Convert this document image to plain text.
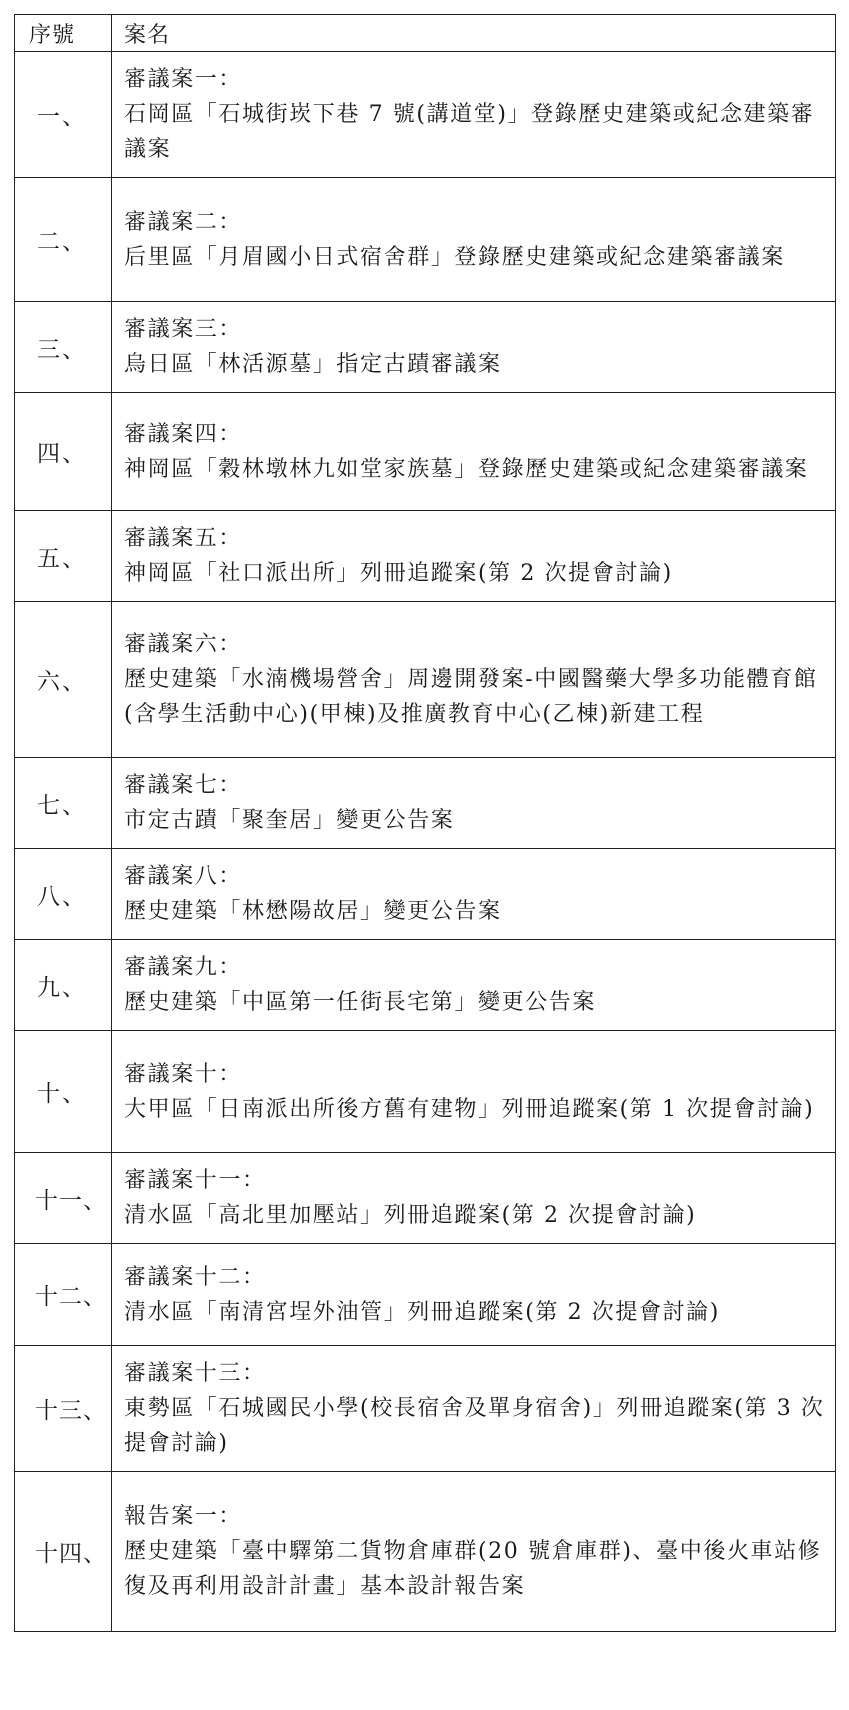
序號	案名
一、	審議案一：
石岡區「石城街崁下巷 7 號(講道堂)」登錄歷史建築或紀念建築審議案

二、	審議案二：
后里區「月眉國小日式宿舍群」登錄歷史建築或紀念建築審議案

三、	審議案三：
烏日區「林活源墓」指定古蹟審議案

四、	審議案四：
神岡區「穀林墩林九如堂家族墓」登錄歷史建築或紀念建築審議案

五、	審議案五：
神岡區「社口派出所」列冊追蹤案(第 2 次提會討論)

六、	審議案六：
歷史建築「水湳機場營舍」周邊開發案-中國醫藥大學多功能體育館(含學生活動中心)(甲棟)及推廣教育中心(乙棟)新建工程

七、	審議案七：
市定古蹟「聚奎居」變更公告案

八、	審議案八：
歷史建築「林懋陽故居」變更公告案

九、	審議案九：
歷史建築「中區第一任街長宅第」變更公告案

十、	審議案十：
大甲區「日南派出所後方舊有建物」列冊追蹤案(第 1 次提會討論)

十一、	審議案十一：
清水區「高北里加壓站」列冊追蹤案(第 2 次提會討論)

十二、	審議案十二：
清水區「南清宮埕外油管」列冊追蹤案(第 2 次提會討論)

十三、	審議案十三：
東勢區「石城國民小學(校長宿舍及單身宿舍)」列冊追蹤案(第 3 次提會討論)

十四、	報告案一：
歷史建築「臺中驛第二貨物倉庫群(20 號倉庫群)、臺中後火車站修復及再利用設計計畫」基本設計報告案
